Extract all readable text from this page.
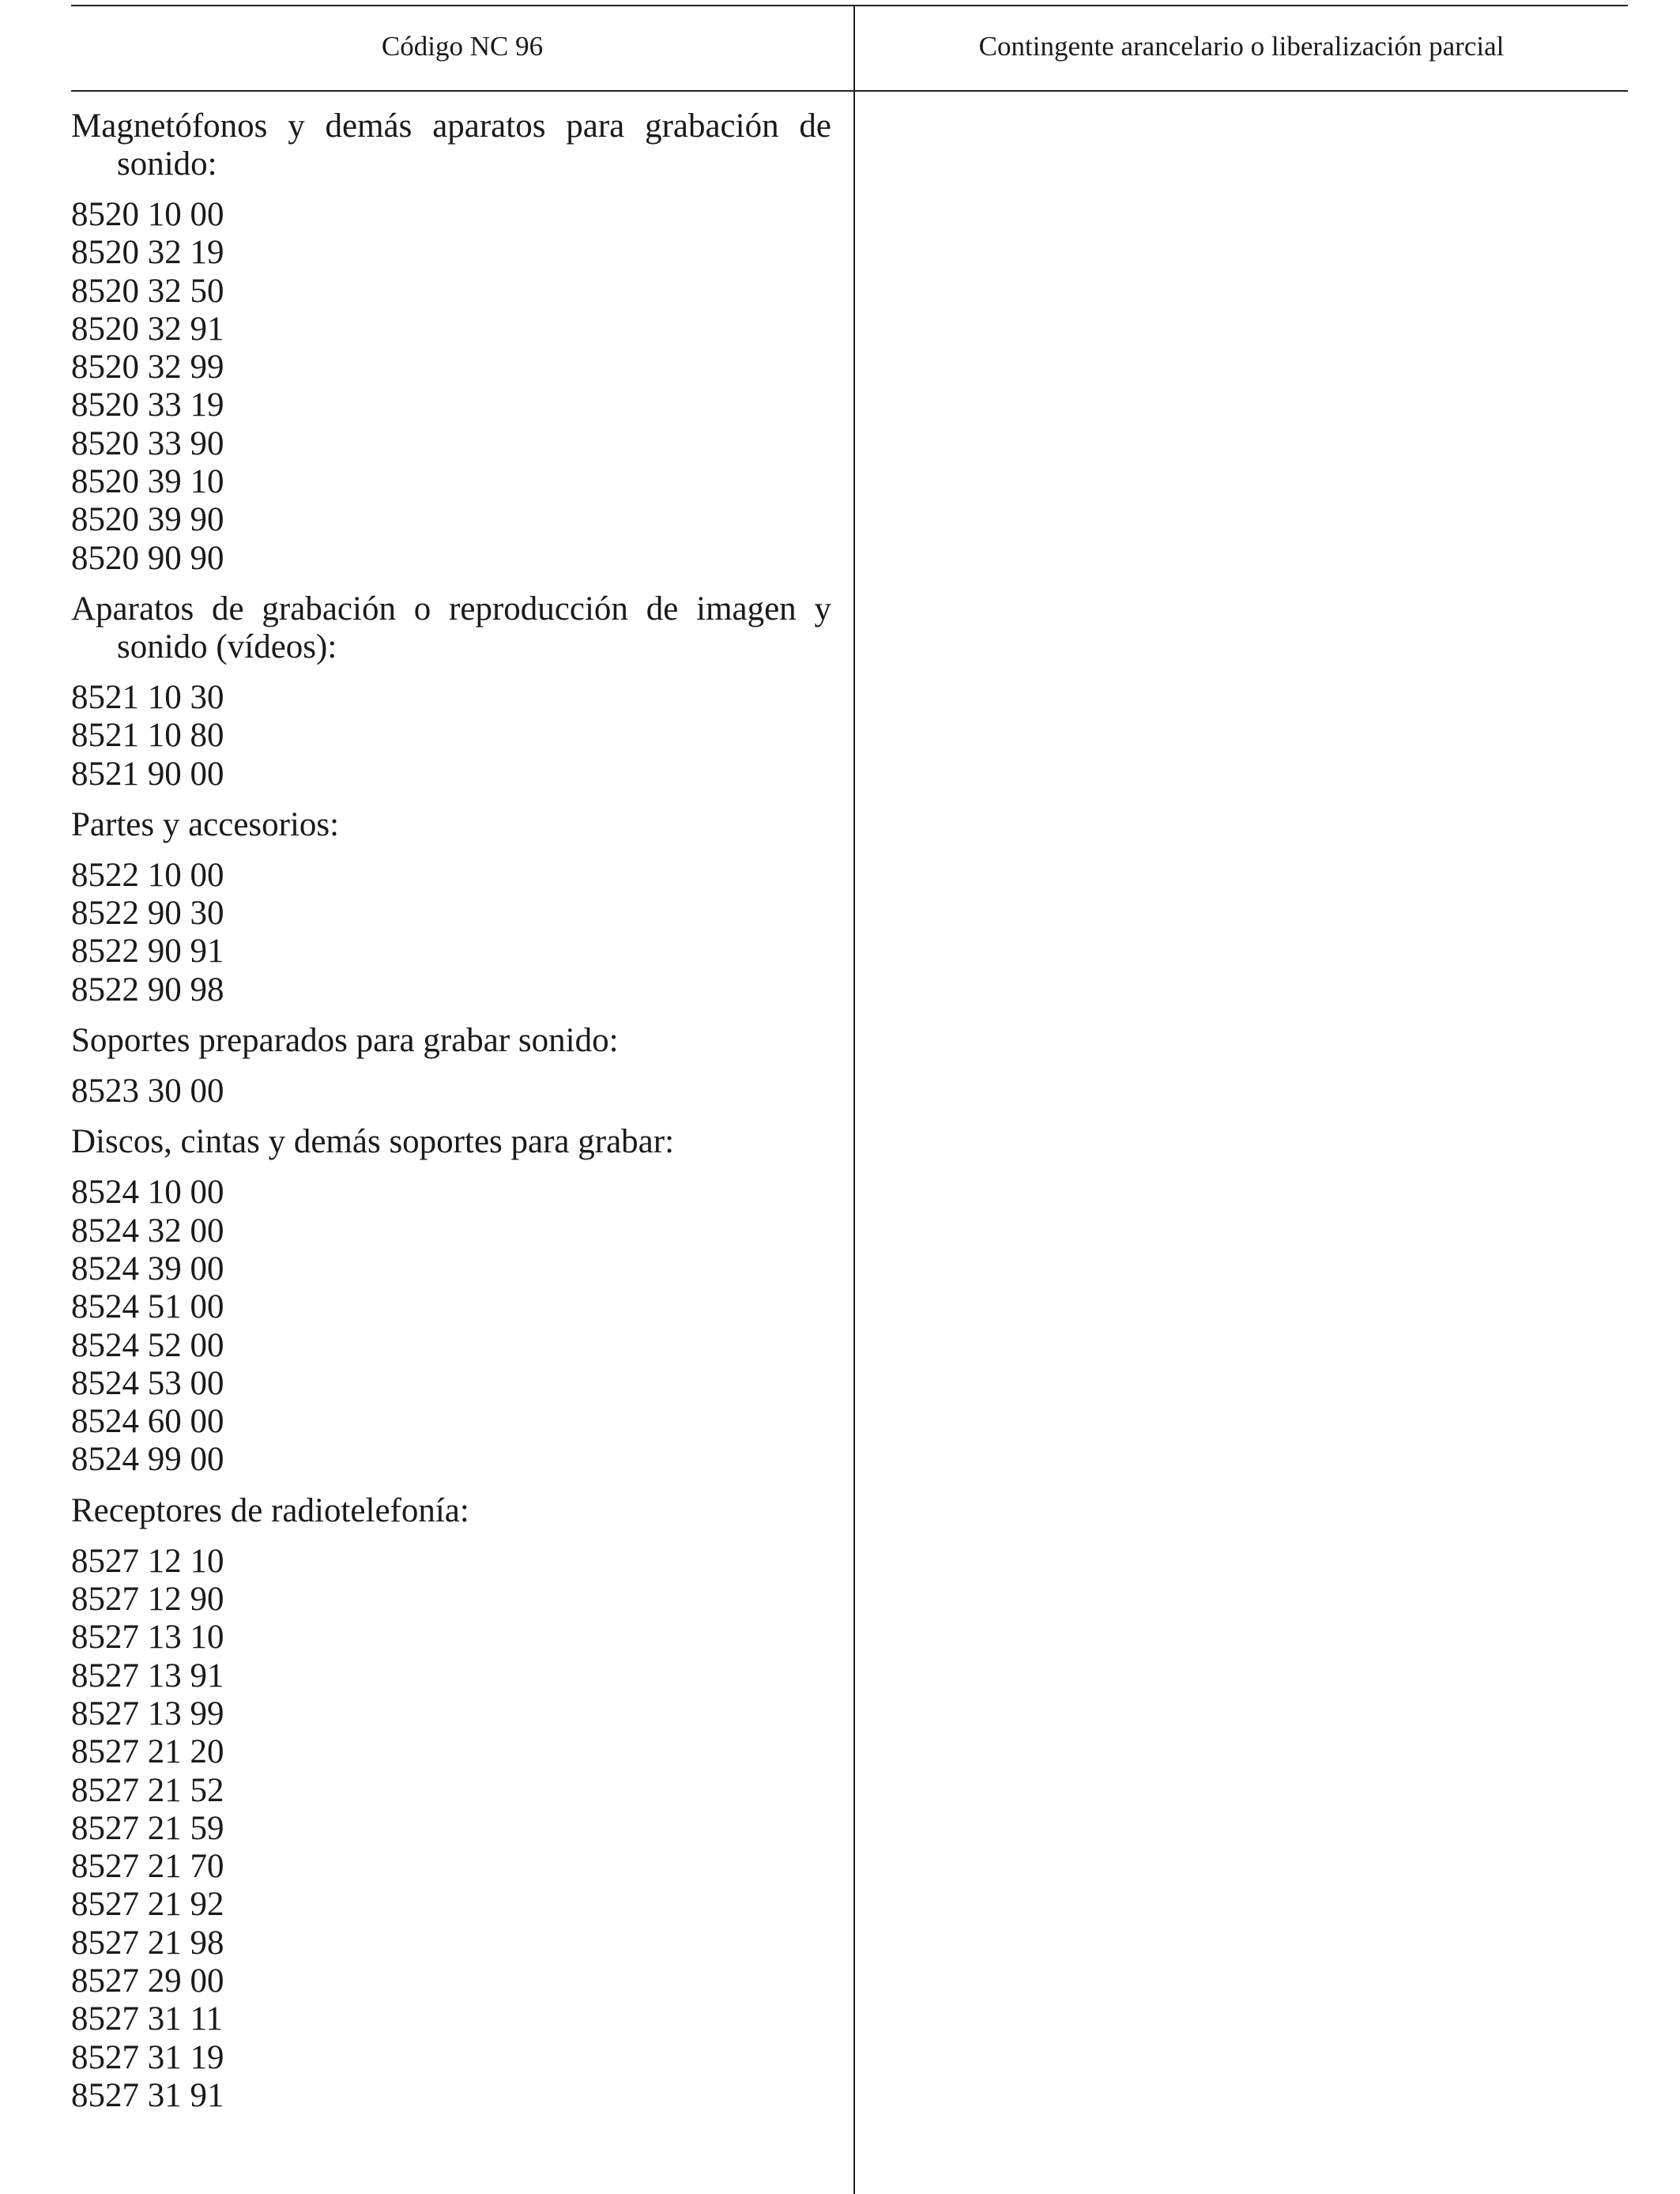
Código NC 96	Contingente arancelario o liberalización parcial
Magnetófonos y demás aparatos para grabación de sonido:
8520 10 00
8520 32 19
8520 32 50
8520 32 91
8520 32 99
8520 33 19
8520 33 90
8520 39 10
8520 39 90
8520 90 90
Aparatos de grabación o reproducción de imagen y sonido (vídeos):
8521 10 30
8521 10 80
8521 90 00
Partes y accesorios:
8522 10 00
8522 90 30
8522 90 91
8522 90 98
Soportes preparados para grabar sonido:
8523 30 00
Discos, cintas y demás soportes para grabar:
8524 10 00
8524 32 00
8524 39 00
8524 51 00
8524 52 00
8524 53 00
8524 60 00
8524 99 00
Receptores de radiotelefonía:
8527 12 10
8527 12 90
8527 13 10
8527 13 91
8527 13 99
8527 21 20
8527 21 52
8527 21 59
8527 21 70
8527 21 92
8527 21 98
8527 29 00
8527 31 11
8527 31 19
8527 31 91
